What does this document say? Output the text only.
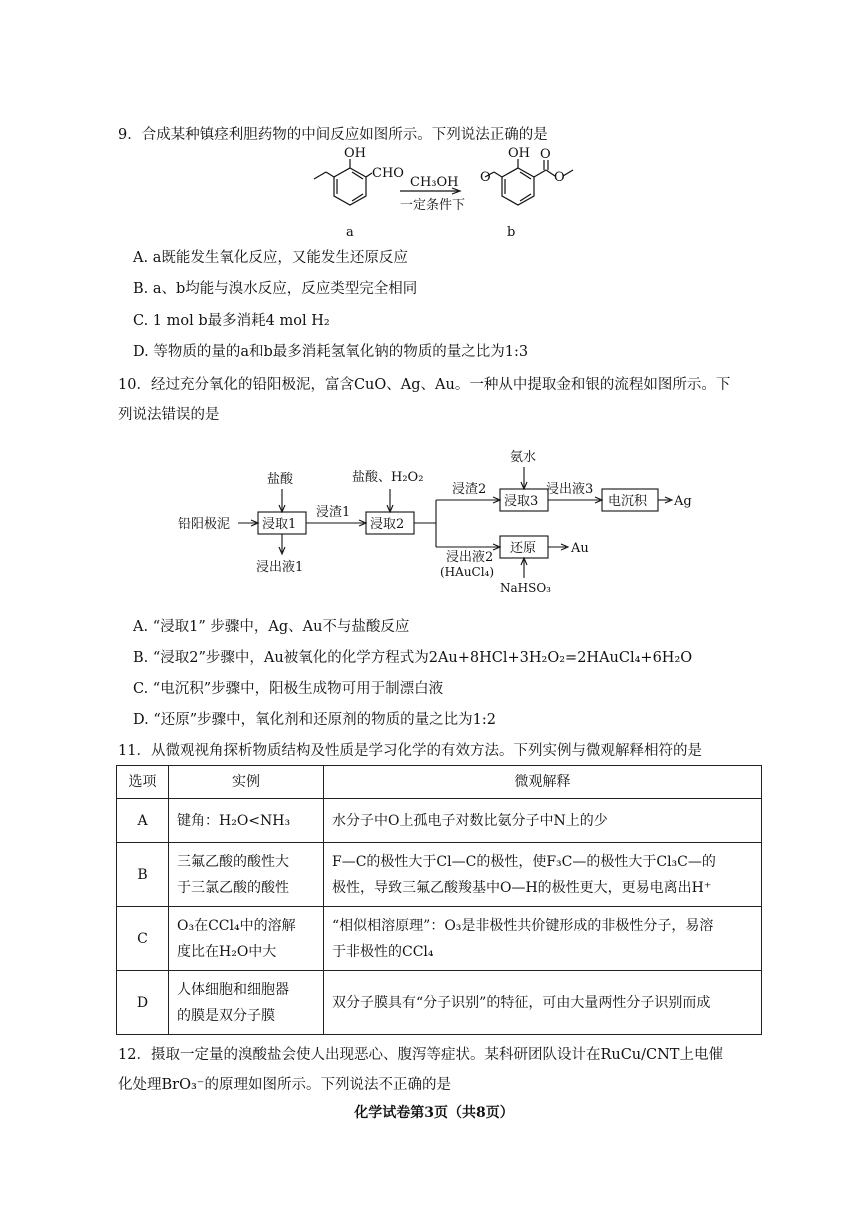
9．合成某种镇痉利胆药物的中间反应如图所示。下列说法正确的是
OH
CHO
CH₃OH
一定条件下
OH
O
O
O
a	b
A. a既能发生氧化反应，又能发生还原反应
B. a、b均能与溴水反应，反应类型完全相同
C. 1 mol b最多消耗4 mol H₂
D. 等物质的量的a和b最多消耗氢氧化钠的物质的量之比为1:3
10．经过充分氧化的铅阳极泥，富含CuO、Ag、Au。一种从中提取金和银的流程如图所示。下
列说法错误的是
铅阳极泥 浸取1
盐酸
浸出液1
浸渣1
浸取2
盐酸、H₂O₂
浸渣2
氨水
浸取3
浸出液3
电沉积 Ag
浸出液2
(HAuCl₄)
还原	Au
NaHSO₃
A. “浸取1” 步骤中，Ag、Au不与盐酸反应
B. “浸取2”步骤中，Au被氧化的化学方程式为2Au+8HCl+3H₂O₂=2HAuCl₄+6H₂O
C. “电沉积”步骤中，阳极生成物可用于制漂白液
D. “还原”步骤中，氧化剂和还原剂的物质的量之比为1:2
11．从微观视角探析物质结构及性质是学习化学的有效方法。下列实例与微观解释相符的是
选项	实例	微观解释
A	键角：H₂O<NH₃	水分子中O上孤电子对数比氨分子中N上的少
B	三氟乙酸的酸性大
于三氯乙酸的酸性	F—C的极性大于Cl—C的极性，使F₃C—的极性大于Cl₃C—的
极性，导致三氟乙酸羧基中O—H的极性更大，更易电离出H⁺
C	O₃在CCl₄中的溶解
度比在H₂O中大	“相似相溶原理”：O₃是非极性共价键形成的非极性分子，易溶
于非极性的CCl₄
D	人体细胞和细胞器
的膜是双分子膜	双分子膜具有“分子识别”的特征，可由大量两性分子识别而成
12．摄取一定量的溴酸盐会使人出现恶心、腹泻等症状。某科研团队设计在RuCu/CNT上电催
化处理BrO₃⁻的原理如图所示。下列说法不正确的是
化学试卷第3页（共8页）
